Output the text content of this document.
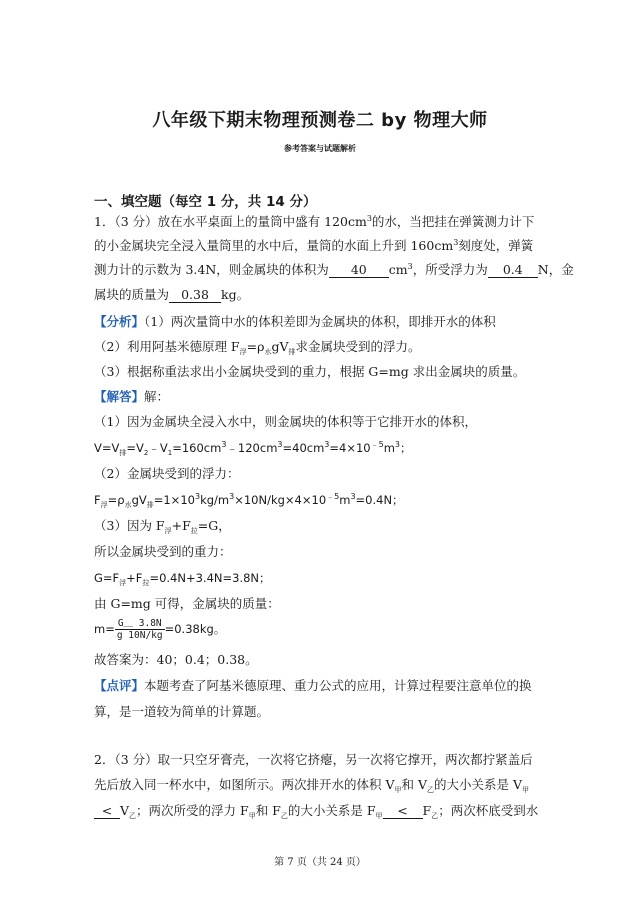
八年级下期末物理预测卷二 by 物理大师
参考答案与试题解析
一、填空题（每空 1 分，共 14 分）
1．（3 分）放在水平桌面上的量筒中盛有 $120cm^3$的水，当把挂在弹簧测力计下
的小金属块完全浸入量筒里的水中后，量筒的水面上升到 $160cm^3$刻度处，弹簧
测力计的示数为 3.4N，则金属块的体积为 40 $cm^3$，所受浮力为 0.4 N，金
属块的质量为 0.38 kg。
【分析】（1）两次量筒中水的体积差即为金属块的体积，即排开水的体积
（2）利用阿基米德原理 $F_浮=\rho_水gV_排$求金属块受到的浮力。
（3）根据称重法求出小金属块受到的重力，根据 G=mg 求出金属块的质量。
【解答】解：
（1）因为金属块全浸入水中，则金属块的体积等于它排开水的体积，
$V=V_排=V_2﹣V_1=160cm^3﹣120cm^3=40cm^3=4\times 10^{﹣5}m^3$；
（2）金属块受到的浮力：
$F_浮=\rho_水gV_排=1\times 10^3kg/m^3\times 10N/kg\times 4\times 10^{﹣5}m^3=0.4N$；
（3）因为 $F_浮+F_拉=G$，
所以金属块受到的重力：
$G=F_浮+F_拉=0.4N+3.4N=3.8N$；
由 G=mg 可得，金属块的质量：
$m= \frac{G\_ 3.8N}{g 10N/kg} =0.38kg$。
故答案为：40；0.4；0.38。
【点评】本题考查了阿基米德原理、重力公式的应用，计算过程要注意单位的换
算，是一道较为简单的计算题。
2．（3 分）取一只空牙膏壳，一次将它挤瘪，另一次将它撑开，两次都拧紧盖后
先后放入同一杯水中，如图所示。两次排开水的体积 $V_甲$和 $V_乙$的大小关系是 $V_甲$
< $V_乙$；两次所受的浮力 $F_甲$和 $F_乙$的大小关系是 $F_甲 < F_乙$；两次杯底受到水
第 7 页（共 24 页）
